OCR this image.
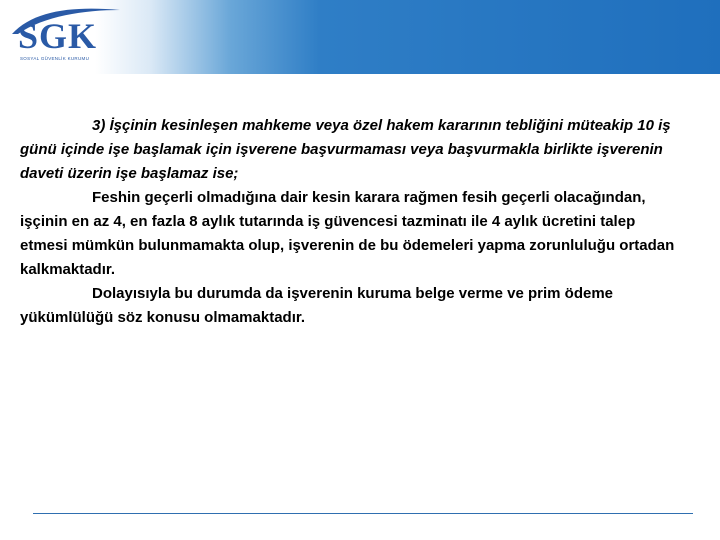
SGK
SOSYAL GÜVENLİK KURUMU

3) İşçinin kesinleşen mahkeme veya özel hakem kararının tebliğini müteakip 10 iş günü içinde işe başlamak için işverene başvurmaması veya başvurmakla birlikte işverenin daveti üzerin işe başlamaz ise;

Feshin geçerli olmadığına dair kesin karara rağmen fesih geçerli olacağından, işçinin en az 4, en fazla 8 aylık tutarında iş güvencesi tazminatı ile 4 aylık ücretini talep etmesi mümkün bulunmamakta olup, işverenin de bu ödemeleri yapma zorunluluğu ortadan kalkmaktadır.

Dolayısıyla bu durumda da işverenin kuruma belge verme ve prim ödeme yükümlülüğü söz konusu olmamaktadır.
